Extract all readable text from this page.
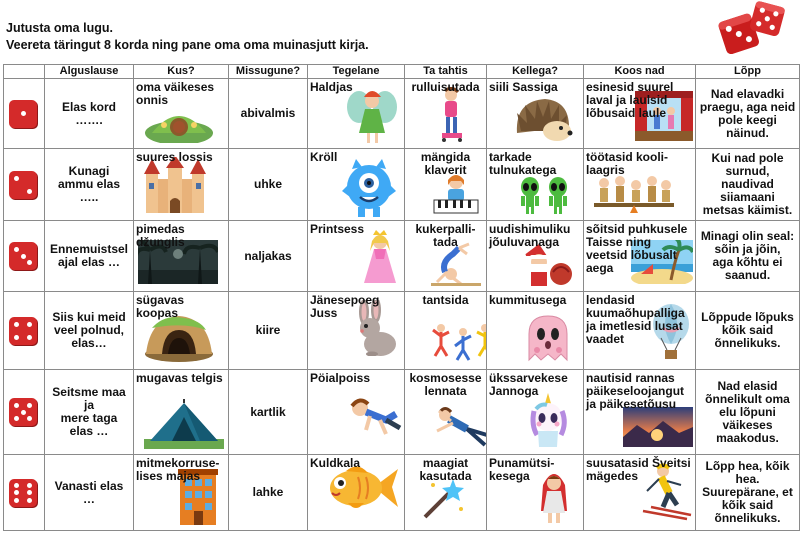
Jutusta oma lugu.
Veereta täringut 8 korda ning pane oma oma muinasjutt kirja.
	Alguslause	Kus?	Missugune?	Tegelane	Ta tahtis	Kellega?	Koos nad	Lõpp

	Elas kord
…….	oma väikeses onnis	abivalmis	Haldjas	rulluisutada	siili Sassiga	esinesid suurel laval ja laulsid lõbusaid laule	Nad elavadki praegu, aga neid pole keegi näinud.

	Kunagi
ammu elas
…..	suures lossis	uhke	Kröll	mängida klaverit	tarkade tulnukatega	töötasid kooli-laagris	Kui nad pole surnud, naudivad siiamaani metsas käimist.

	Ennemuistsel
ajal elas …	pimedas džunglis	naljakas	Printsess	kukerpalli-tada	uudishimuliku jõuluvanaga	sõitsid puhkusele Taisse ning veetsid lõbusalt aega	Minagi olin seal:
sõin ja jõin,
aga kõhtu ei saanud.

	Siis kui meid
veel polnud,
elas…	sügavas koopas	kiire	Jänesepoeg Juss	tantsida	kummitusega	lendasid kuumaõhupalliga ja imetlesid lusat vaadet	Lõppude lõpuks kõik said õnnelikuks.

	Seitsme maa
ja
mere taga
elas …	mugavas telgis	kartlik	Pöialpoiss	kosmosesse lennata	ükssarvekese Jannoga	nautisid rannas päikeseloojangut ja päikesetõusu	Nad elasid õnnelikult oma elu lõpuni väikeses maakodus.

	Vanasti elas …	mitmekorruse-lises majas	lahke	Kuldkala	maagiat kasutada	Punamütsi-kesega	suusatasid Šveitsi mägedes	Lõpp hea, kõik hea. Suurepärane, et kõik said õnnelikuks.
